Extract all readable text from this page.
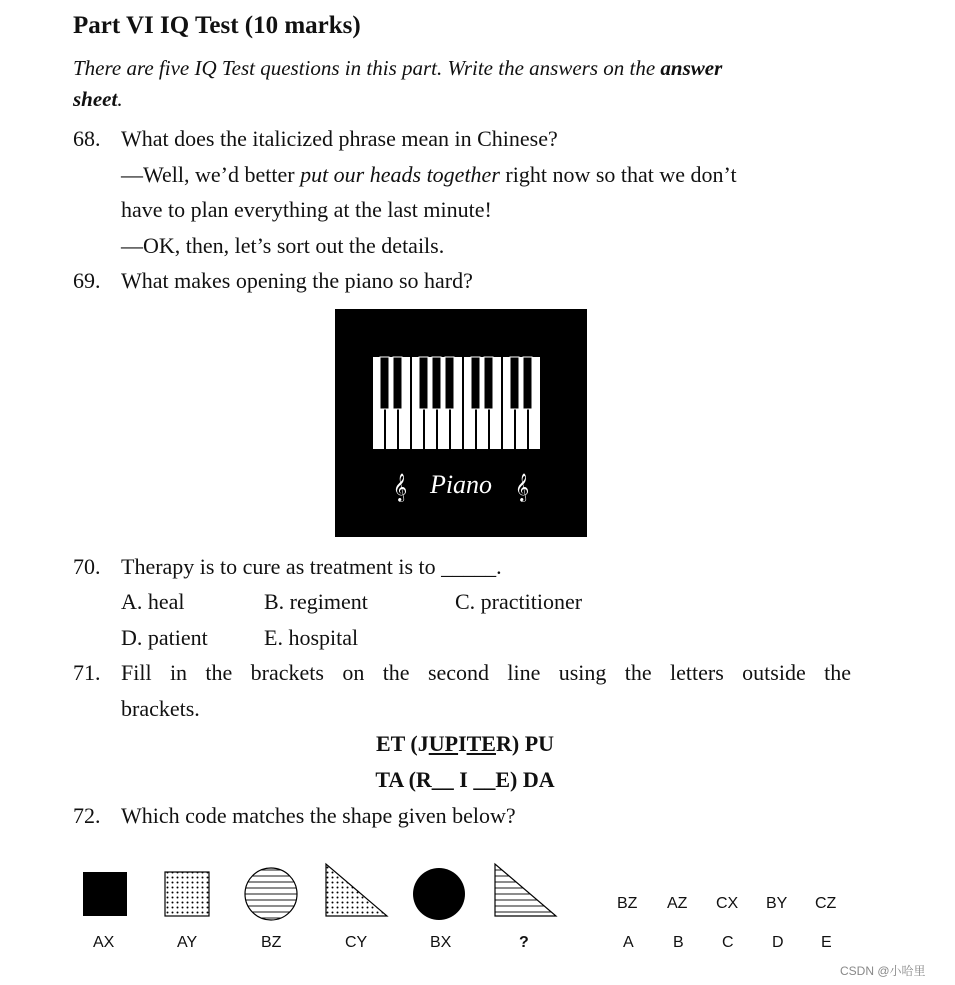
Part VI IQ Test (10 marks)
There are five IQ Test questions in this part. Write the answers on the answer
sheet.
68. What does the italicized phrase mean in Chinese?
—Well, we’d better put our heads together right now so that we don’t
have to plan everything at the last minute!
—OK, then, let’s sort out the details.
69. What makes opening the piano so hard?
𝄞 Piano 𝄞
70. Therapy is to cure as treatment is to _____.
A. heal	B. regiment	C. practitioner
D. patient	E. hospital
71. Fill in the brackets on the second line using the letters outside the
brackets.
ET (JUPITER) PU
TA (R__ I __E) DA
72. Which code matches the shape given below?
AX	AY	BZ	CY	BX	?
BZ AZ CX BY CZ
A B C D E
CSDN @小哈里
